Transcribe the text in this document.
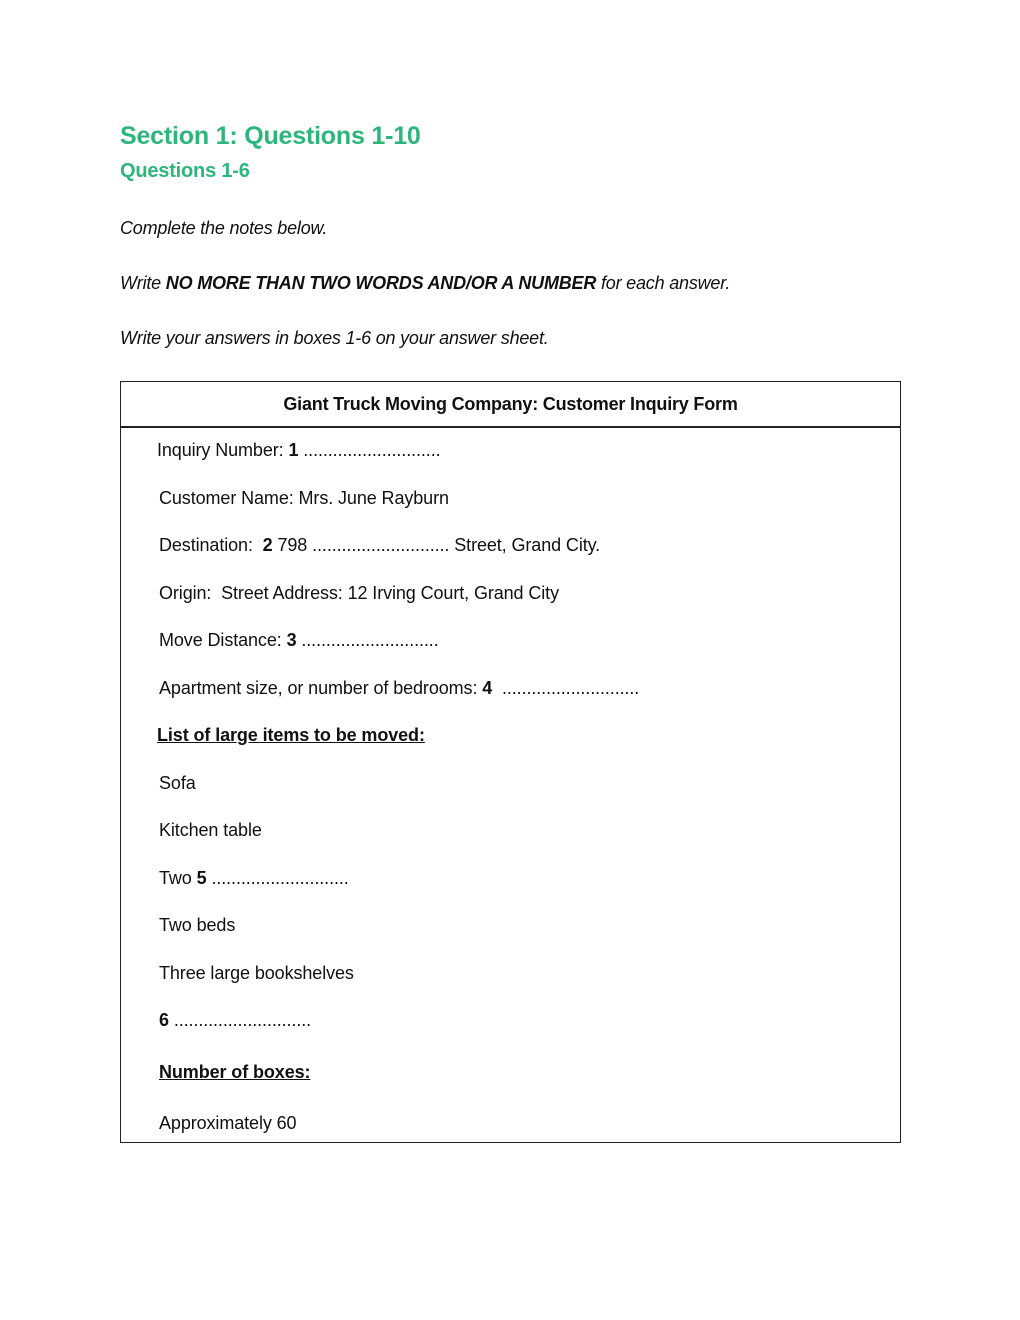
Section 1: Questions 1-10
Questions 1-6

Complete the notes below.

Write NO MORE THAN TWO WORDS AND/OR A NUMBER for each answer.

Write your answers in boxes 1-6 on your answer sheet.

Giant Truck Moving Company: Customer Inquiry Form
Inquiry Number: 1 ............................
Customer Name: Mrs. June Rayburn
Destination:  2 798 ............................ Street, Grand City.
Origin:  Street Address: 12 Irving Court, Grand City
Move Distance: 3 ............................
Apartment size, or number of bedrooms: 4  ............................
List of large items to be moved:
Sofa
Kitchen table
Two 5 ............................
Two beds
Three large bookshelves
6 ............................
Number of boxes:
Approximately 60
